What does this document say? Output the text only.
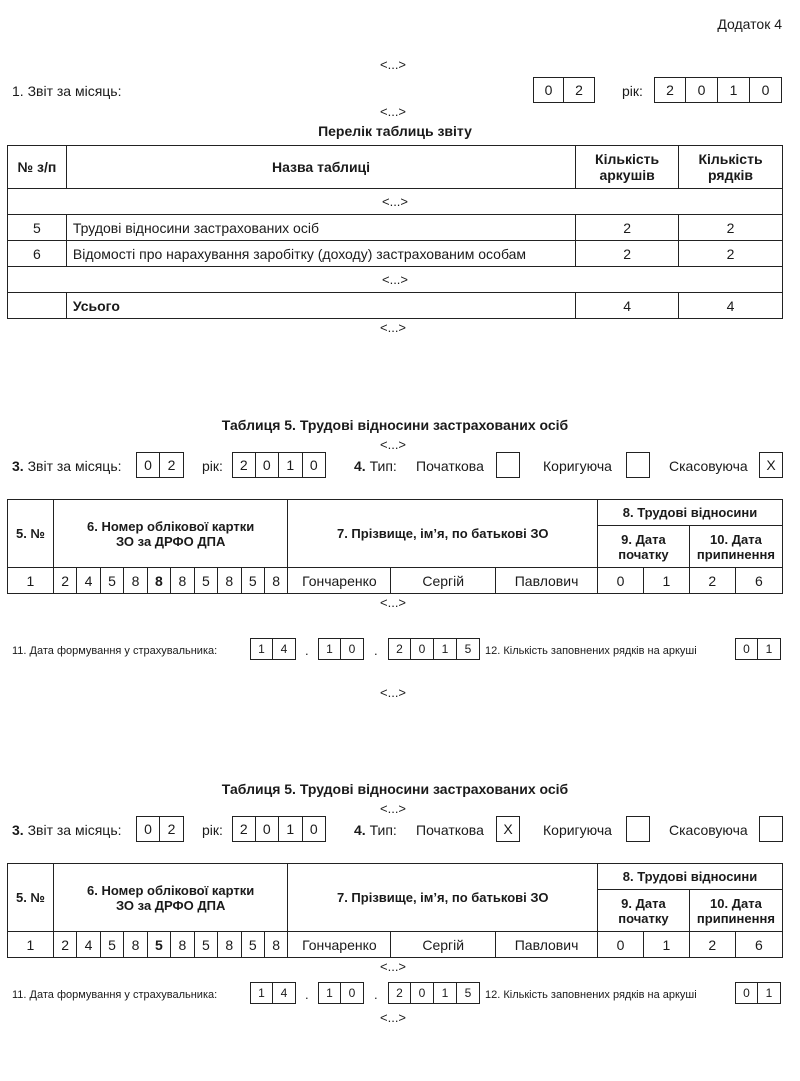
Додаток 4
<...>
1. Звіт за місяць:	0	2	рік:	2	0	1	0
<...>
Перелік таблиць звіту
№ з/п	Назва таблиці	Кількість аркушів	Кількість рядків
<...>			
5	Трудові відносини застрахованих осіб	2	2
6	Відомості про нарахування заробітку (доходу) застрахованим особам	2	2
<...>			
	Усього	4	4
<...>
Таблиця 5. Трудові відносини застрахованих осіб
<...>
3. Звіт за місяць:	0	2	рік:	2	0	1	0	4. Тип: Початкова	Коригуюча	Скасовуюча	X
5. №	6. Номер облікової картки ЗО за ДРФО ДПА										7. Прізвище, ім’я, по батькові ЗО			8. Трудові відносини			
														9. Дата початку		10. Дата припинення	
1	2	4	5	8	8	8	5	8	5	8	Гончаренко	Сергій	Павлович	0	1	2	6
<...>
11. Дата формування у страхувальника:	1	4	.	1	0	.	2	0	1	5	12. Кількість заповнених рядків на аркуші	0	1
<...>
Таблиця 5. Трудові відносини застрахованих осіб
<...>
3. Звіт за місяць:	0	2	рік:	2	0	1	0	4. Тип: Початкова	X	Коригуюча	Скасовуюча
5. №	6. Номер облікової картки ЗО за ДРФО ДПА										7. Прізвище, ім’я, по батькові ЗО			8. Трудові відносини			
														9. Дата початку		10. Дата припинення	
1	2	4	5	8	5	8	5	8	5	8	Гончаренко	Сергій	Павлович	0	1	2	6
<...>
11. Дата формування у страхувальника:	1	4	.	1	0	.	2	0	1	5	12. Кількість заповнених рядків на аркуші	0	1
<...>
